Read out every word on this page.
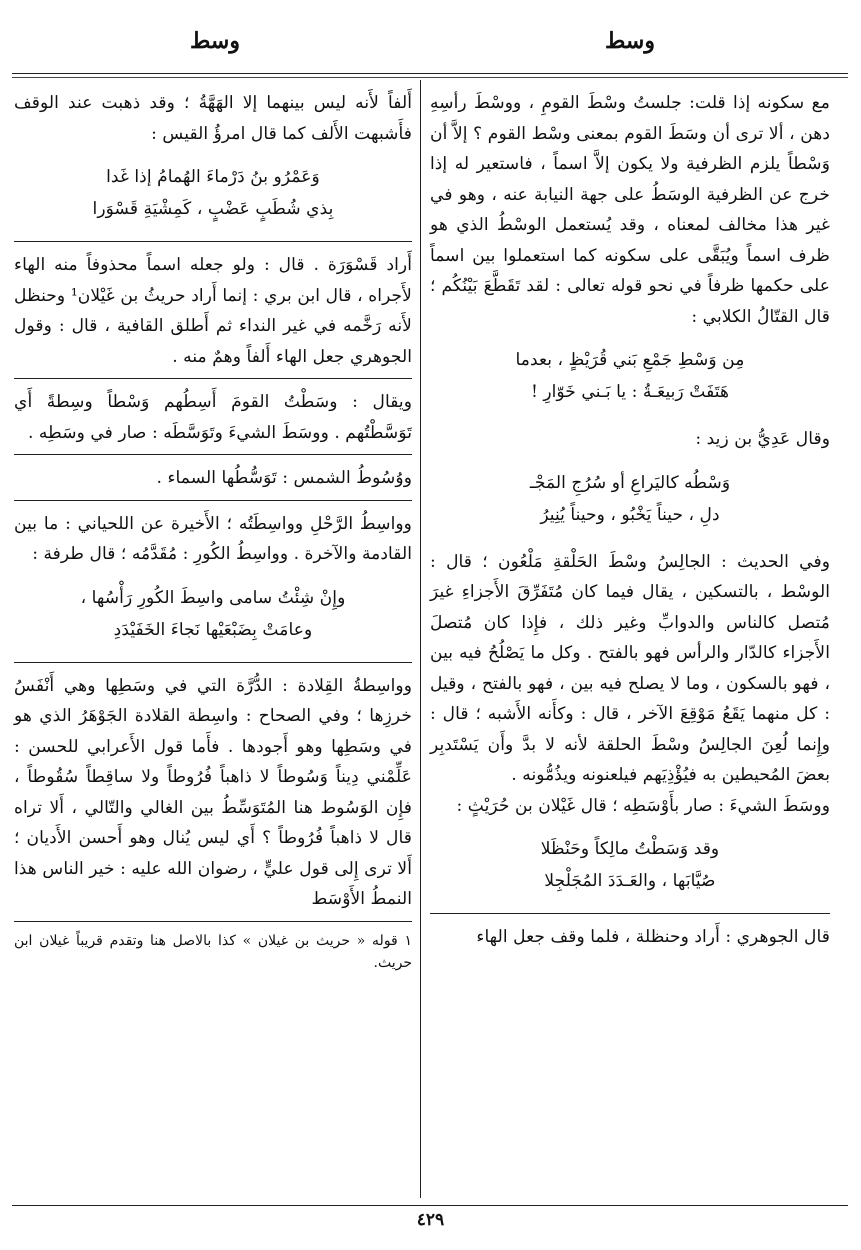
وسط
وسط

مع سكونه إذا قلت: جلستُ وسْطَ القومِ ، ووسْطَ رأسِهِ دهن ، ألا ترى أن وسَطَ القوم بمعنى وسْط القوم ؟ إلاَّ أن وَسْطاً يلزم الظرفية ولا يكون إلاَّ اسماً ، فاستعير له إذا خرج عن الظرفية الوسَطُ على جهة النيابة عنه ، وهو في غير هذا مخالف لمعناه ، وقد يُستعمل الوسْطُ الذي هو ظرف اسماً ويُبَقَّى على سكونه كما استعملوا بين اسماً على حكمها ظرفاً في نحو قوله تعالى : لقد تَقَطَّعَ بَيْنُكُم ؛ قال القتّالُ الكلابي :

مِن وَسْطِ جَمْعِ بَني قُرَيْظٍ ، بعدما
هَتَفَتْ رَبيعَـةُ : يا بَـني خَوّارِ !

وقال عَدِيُّ بن زيد :

وَسْطُه كاليَراعِ أو سُرُجِ المَجْـ
دلِ ، حيناً يَخْبُو ، وحيناً يُنِيرُ

وفي الحديث : الجالِسُ وسْطَ الحَلْقةِ مَلْعُون ؛ قال : الوسْط ، بالتسكين ، يقال فيما كان مُتَفَرِّقَ الأَجزاءِ غيرَ مُتصل كالناس والدوابِّ وغير ذلك ، فإِذا كان مُتصلَ الأَجزاء كالدّار والرأس فهو بالفتح . وكل ما يَصْلُحُ فيه بين ، فهو بالسكون ، وما لا يصلح فيه بين ، فهو بالفتح ، وقيل : كل منهما يَقَعُ مَوْقِعَ الآخر ، قال : وكأَنه الأَشبه ؛ قال : وإِنما لُعِنَ الجالِسُ وسْطَ الحلقة لأنه لا بدَّ وأَن يَسْتَدبِر بعضَ المُحيطين به فيُؤْذِيَهم فيلعنونه ويذُمُّونه .

ووسَطَ الشيءَ : صار بأَوْسَطِه ؛ قال غَيْلان بن حُرَيْثٍ :

وقد وَسَطْتُ مالِكاً وحَنْظَلا
صُيَّابَها ، والعَـدَدَ المُجَلْجِلا

قال الجوهري : أَراد وحنظلة ، فلما وقف جعل الهاء

أَلفاً لأَنه ليس بينهما إلا الهَهَّةُ ؛ وقد ذهبت عند الوقف فأَشبهت الأَلف كما قال امرؤُ القيس :

وَعَمْرُو بنُ دَرْماءَ الهُمامُ إذا غَدا
بِذي شُطَبٍ عَضْبٍ ، كَمِشْيَةِ قَسْوَرا

أَراد قَسْوَرَة . قال : ولو جعله اسماً محذوفاً منه الهاء لأَجراه ، قال ابن بري : إنما أَراد حريثُ بن غَيْلان¹ وحنظل لأَنه رَخَّمه في غير النداء ثم أَطلق القافية ، قال : وقول الجوهري جعل الهاء أَلفاً وهمٌ منه .

ويقال : وسَطْتُ القومَ أَسِطُهم وَسْطاً وسِطةً أَي تَوَسَّطْتُهم . ووسَطَ الشيءَ وتَوَسَّطَه : صار في وسَطِه .

ووُسُوطُ الشمس : تَوَسُّطُها السماء .

وواسِطُ الرَّحْلِ وواسِطَتُه ؛ الأَخيرة عن اللحياني : ما بين القادمة والآخرة . وواسِطُ الكُورِ : مُقَدَّمُه ؛ قال طرفة :

وإِنْ شِئْتُ سامى واسِطَ الكُورِ رَأْسُها ،
وعامَتْ بِضَبْعَيْها نَجاءَ الخَفَيْدَدِ

وواسِطةُ القِلادة : الدُّرَّة التي في وسَطِها وهي أَنْفَسُ خرزِها ؛ وفي الصحاح : واسِطة القلادة الجَوْهَرُ الذي هو في وسَطِها وهو أَجودها . فأَما قول الأَعرابي للحسن : عَلِّمْني دِيناً وَسُوطاً لا ذاهباً فُرُوطاً ولا ساقِطاً سُقُوطاً ، فإِن الوَسُوط هنا المُتَوَسِّطُ بين الغالي والتّالي ، أَلا تراه قال لا ذاهباً فُرُوطاً ؟ أَي ليس يُنال وهو أَحسن الأَديان ؛ أَلا ترى إِلى قول عليٍّ ، رضوان الله عليه : خير الناس هذا النمطُ الأَوْسَط

١ قوله « حريث بن غيلان » كذا بالاصل هنا وتقدم قريباً غيلان ابن حريث.

٤٢٩
